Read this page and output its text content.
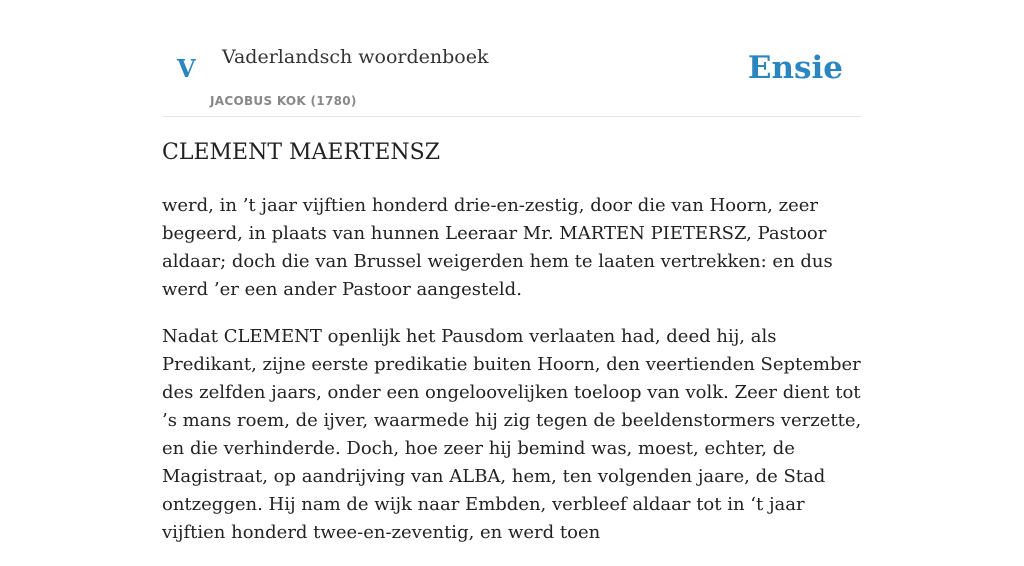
V Vaderlandsch woordenboek
JACOBUS KOK (1780)
Ensie
CLEMENT MAERTENSZ

werd, in ’t jaar vijftien honderd drie-en-zestig, door die van Hoorn, zeer begeerd, in plaats van hunnen Leeraar Mr. MARTEN PIETERSZ, Pastoor aldaar; doch die van Brussel weigerden hem te laaten vertrekken: en dus werd ’er een ander Pastoor aangesteld.

Nadat CLEMENT openlijk het Pausdom verlaaten had, deed hij, als Predikant, zijne eerste predikatie buiten Hoorn, den veertienden September des zelfden jaars, onder een ongeloovelijken toeloop van volk. Zeer dient tot ’s mans roem, de ijver, waarmede hij zig tegen de beeldenstormers verzette, en die verhinderde. Doch, hoe zeer hij bemind was, moest, echter, de Magistraat, op aandrijving van ALBA, hem, ten volgenden jaare, de Stad ontzeggen. Hij nam de wijk naar Embden, verbleef aldaar tot in ‘t jaar vijftien honderd twee-en-zeventig, en werd toen
